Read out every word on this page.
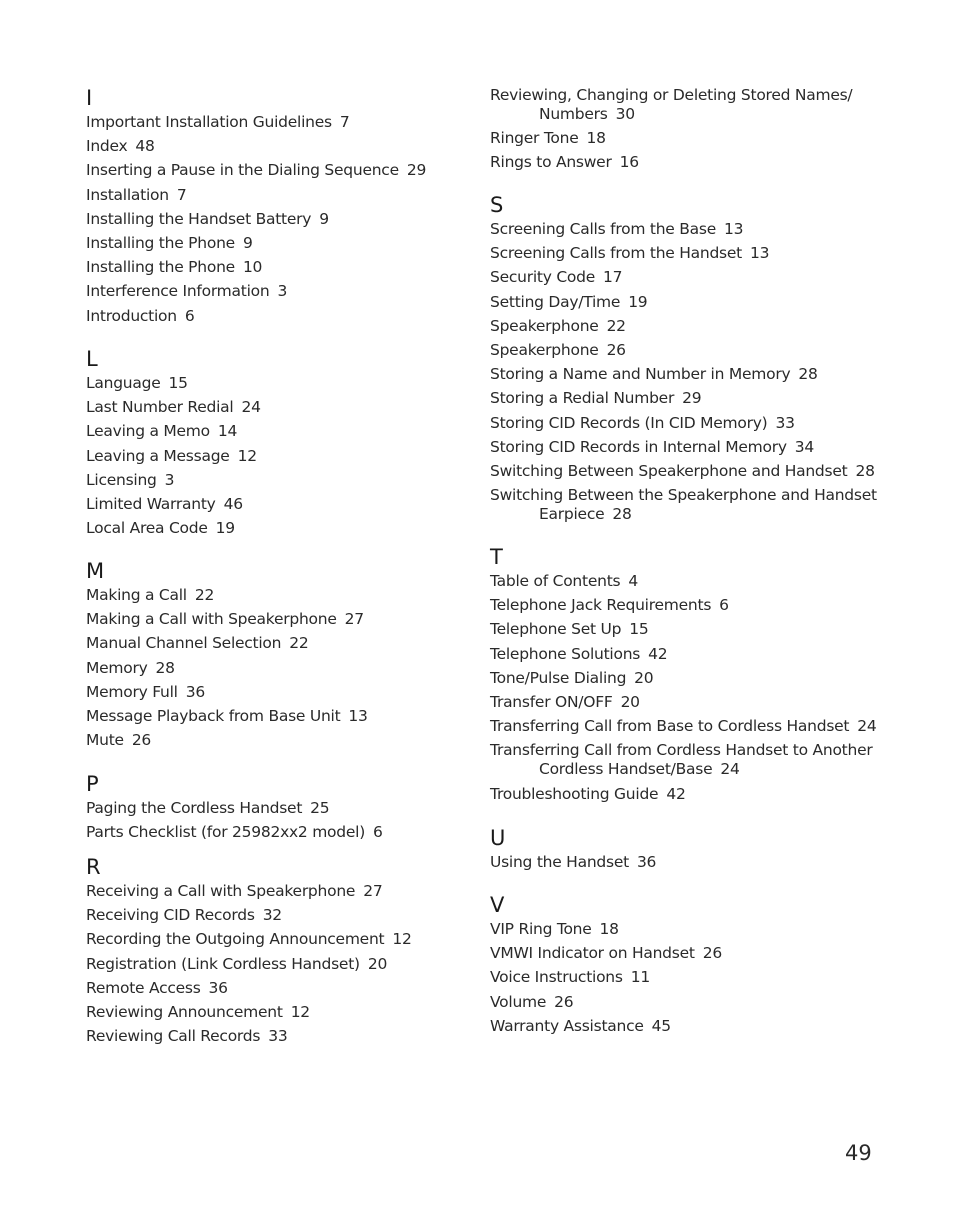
I
Important Installation Guidelines 7
Index 48
Inserting a Pause in the Dialing Sequence 29
Installation 7
Installing the Handset Battery 9
Installing the Phone 9
Installing the Phone 10
Interference Information 3
Introduction 6
L
Language 15
Last Number Redial 24
Leaving a Memo 14
Leaving a Message 12
Licensing 3
Limited Warranty 46
Local Area Code 19
M
Making a Call 22
Making a Call with Speakerphone 27
Manual Channel Selection 22
Memory 28
Memory Full 36
Message Playback from Base Unit 13
Mute 26
P
Paging the Cordless Handset 25
Parts Checklist (for 25982xx2 model) 6
R
Receiving a Call with Speakerphone 27
Receiving CID Records 32
Recording the Outgoing Announcement 12
Registration (Link Cordless Handset) 20
Remote Access 36
Reviewing Announcement 12
Reviewing Call Records 33
Reviewing, Changing or Deleting Stored Names/
Numbers 30
Ringer Tone 18
Rings to Answer 16
S
Screening Calls from the Base 13
Screening Calls from the Handset 13
Security Code 17
Setting Day/Time 19
Speakerphone 22
Speakerphone 26
Storing a Name and Number in Memory 28
Storing a Redial Number 29
Storing CID Records (In CID Memory) 33
Storing CID Records in Internal Memory 34
Switching Between Speakerphone and Handset 28
Switching Between the Speakerphone and Handset
Earpiece 28
T
Table of Contents 4
Telephone Jack Requirements 6
Telephone Set Up 15
Telephone Solutions 42
Tone/Pulse Dialing 20
Transfer ON/OFF 20
Transferring Call from Base to Cordless Handset 24
Transferring Call from Cordless Handset to Another
Cordless Handset/Base 24
Troubleshooting Guide 42
U
Using the Handset 36
V
VIP Ring Tone 18
VMWI Indicator on Handset 26
Voice Instructions 11
Volume 26
Warranty Assistance 45
49
